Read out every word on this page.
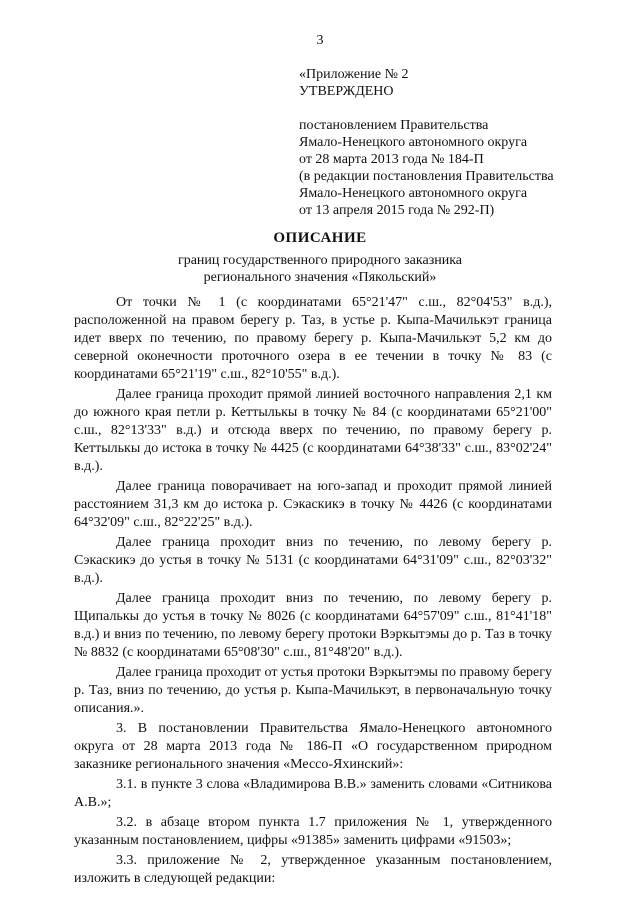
3
«Приложение № 2
УТВЕРЖДЕНО
постановлением Правительства
Ямало-Ненецкого автономного округа
от 28 марта 2013 года № 184-П
(в редакции постановления Правительства
Ямало-Ненецкого автономного округа
от 13 апреля 2015 года № 292-П)
ОПИСАНИЕ
границ государственного природного заказника
регионального значения «Пякольский»

От точки № 1 (с координатами 65°21'47" с.ш., 82°04'53" в.д.), расположенной на правом берегу р. Таз, в устье р. Кыпа-Мачилькэт граница идет вверх по течению, по правому берегу р. Кыпа-Мачилькэт 5,2 км до северной оконечности проточного озера в ее течении в точку № 83 (с координатами 65°21'19" с.ш., 82°10'55" в.д.).

Далее граница проходит прямой линией восточного направления 2,1 км до южного края петли р. Кеттылькы в точку № 84 (с координатами 65°21'00" с.ш., 82°13'33" в.д.) и отсюда вверх по течению, по правому берегу р. Кеттылькы до истока в точку № 4425 (с координатами 64°38'33" с.ш., 83°02'24" в.д.).

Далее граница поворачивает на юго-запад и проходит прямой линией расстоянием 31,3 км до истока р. Сэкаскикэ в точку № 4426 (с координатами 64°32'09" с.ш., 82°22'25" в.д.).

Далее граница проходит вниз по течению, по левому берегу р. Сэкаскикэ до устья в точку № 5131 (с координатами 64°31'09" с.ш., 82°03'32" в.д.).

Далее граница проходит вниз по течению, по левому берегу р. Щипалькы до устья в точку № 8026 (с координатами 64°57'09" с.ш., 81°41'18" в.д.) и вниз по течению, по левому берегу протоки Вэркытэмы до р. Таз в точку № 8832 (с координатами 65°08'30" с.ш., 81°48'20" в.д.).

Далее граница проходит от устья протоки Вэркытэмы по правому берегу р. Таз, вниз по течению, до устья р. Кыпа-Мачилькэт, в первоначальную точку описания.».

3. В постановлении Правительства Ямало-Ненецкого автономного округа от 28 марта 2013 года № 186-П «О государственном природном заказнике регионального значения «Мессо-Яхинский»:

3.1. в пункте 3 слова «Владимирова В.В.» заменить словами «Ситникова А.В.»;

3.2. в абзаце втором пункта 1.7 приложения № 1, утвержденного указанным постановлением, цифры «91385» заменить цифрами «91503»;

3.3. приложение № 2, утвержденное указанным постановлением, изложить в следующей редакции:
